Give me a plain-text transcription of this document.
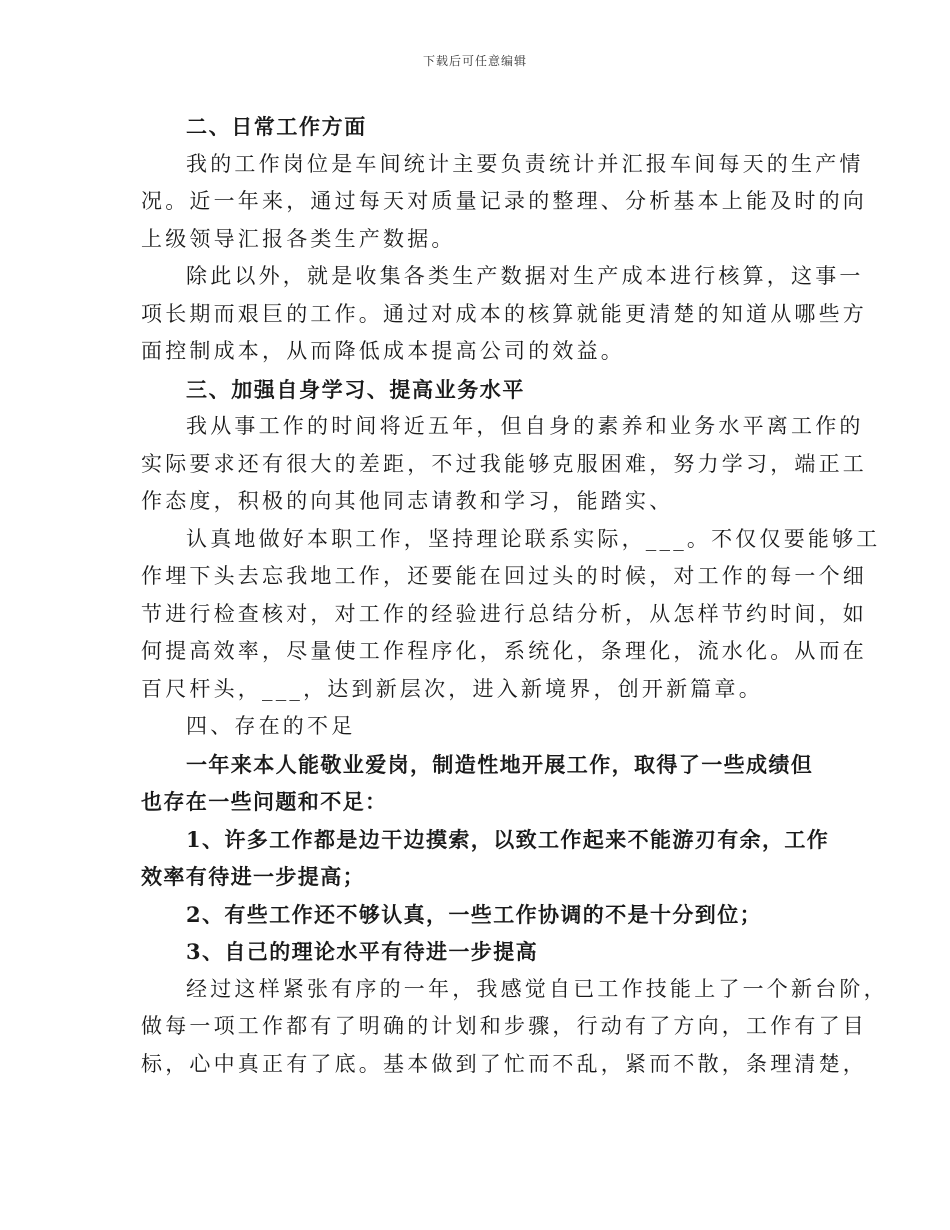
下载后可任意编辑
二、日常工作方面
我的工作岗位是车间统计主要负责统计并汇报车间每天的生产情
况。近一年来，通过每天对质量记录的整理、分析基本上能及时的向
上级领导汇报各类生产数据。
除此以外，就是收集各类生产数据对生产成本进行核算，这事一
项长期而艰巨的工作。通过对成本的核算就能更清楚的知道从哪些方
面控制成本，从而降低成本提高公司的效益。
三、加强自身学习、提高业务水平
我从事工作的时间将近五年，但自身的素养和业务水平离工作的
实际要求还有很大的差距，不过我能够克服困难，努力学习，端正工
作态度，积极的向其他同志请教和学习，能踏实、
认真地做好本职工作，坚持理论联系实际，___。不仅仅要能够工
作埋下头去忘我地工作，还要能在回过头的时候，对工作的每一个细
节进行检查核对，对工作的经验进行总结分析，从怎样节约时间，如
何提高效率，尽量使工作程序化，系统化，条理化，流水化。从而在
百尺杆头，___，达到新层次，进入新境界，创开新篇章。
四、存在的不足
一年来本人能敬业爱岗，制造性地开展工作，取得了一些成绩但
也存在一些问题和不足：
1、许多工作都是边干边摸索，以致工作起来不能游刃有余，工作
效率有待进一步提高；
2、有些工作还不够认真，一些工作协调的不是十分到位；
3、自己的理论水平有待进一步提高
经过这样紧张有序的一年，我感觉自已工作技能上了一个新台阶，
做每一项工作都有了明确的计划和步骤，行动有了方向，工作有了目
标，心中真正有了底。基本做到了忙而不乱，紧而不散，条理清楚，
